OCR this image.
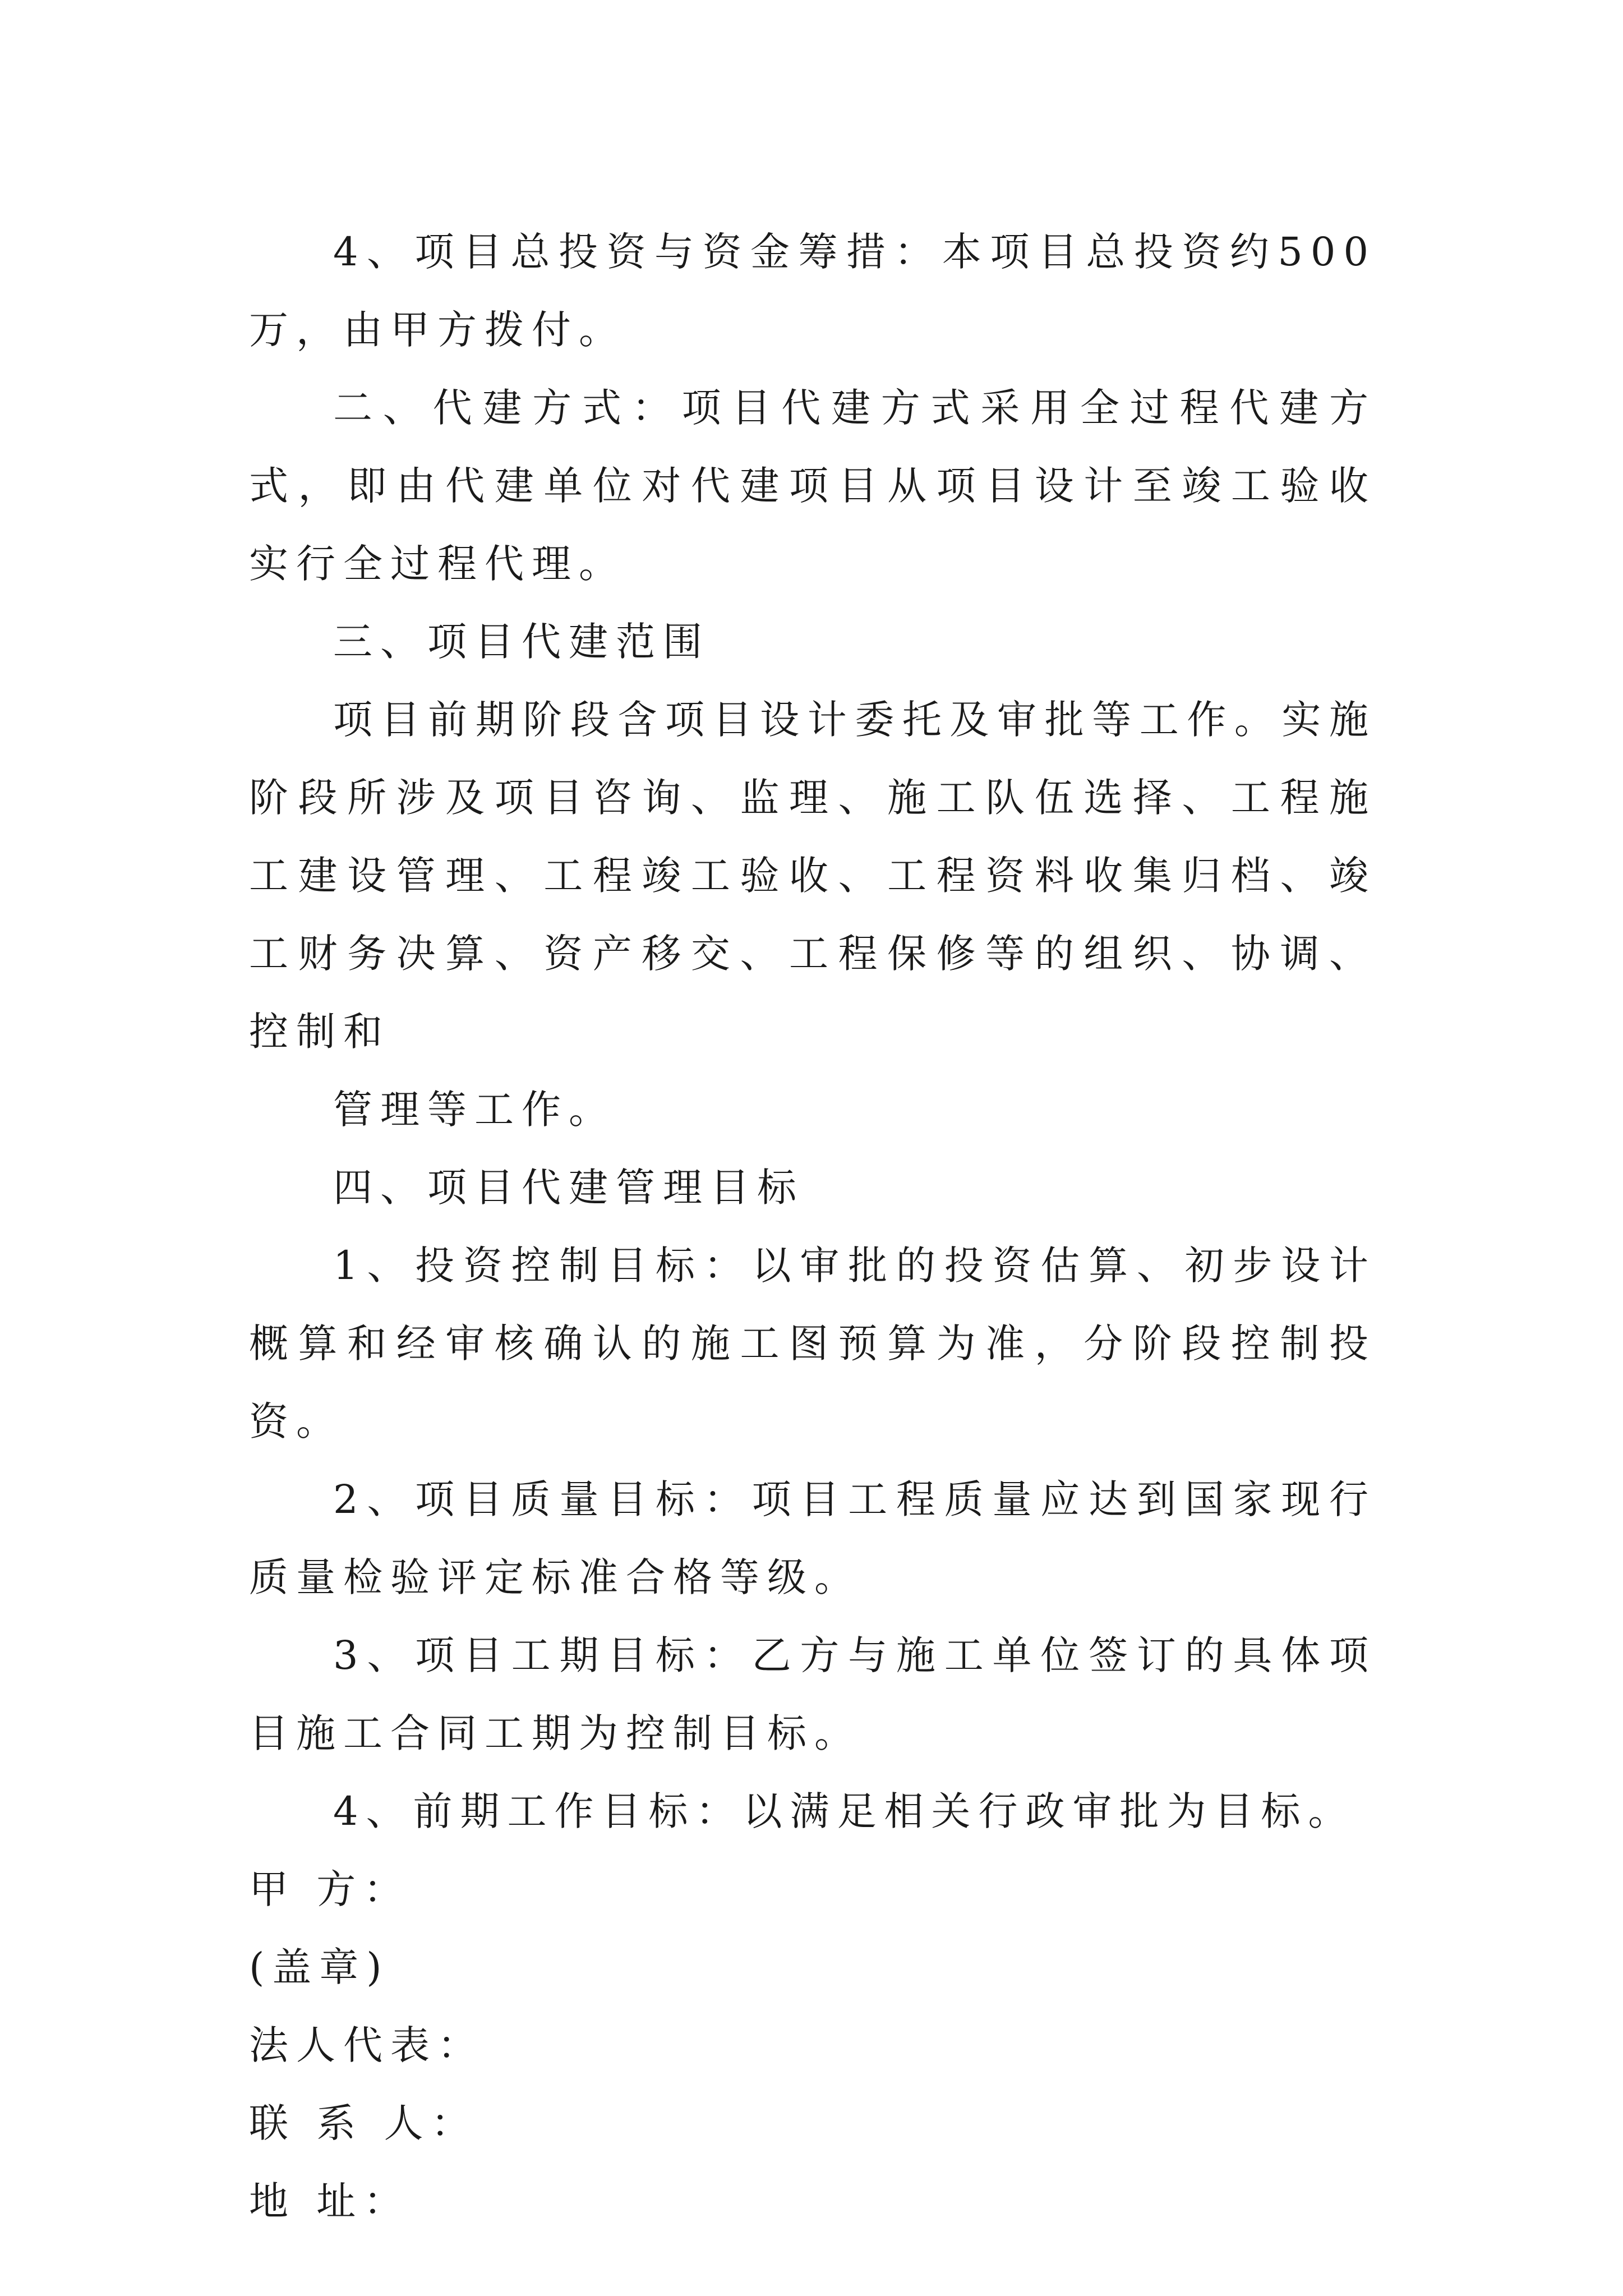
4、项目总投资与资金筹措：本项目总投资约500万，由甲方拨付。

二、代建方式：项目代建方式采用全过程代建方式，即由代建单位对代建项目从项目设计至竣工验收实行全过程代理。

三、项目代建范围

项目前期阶段含项目设计委托及审批等工作。实施阶段所涉及项目咨询、监理、施工队伍选择、工程施工建设管理、工程竣工验收、工程资料收集归档、竣工财务决算、资产移交、工程保修等的组织、协调、控制和

管理等工作。

四、项目代建管理目标

1、投资控制目标：以审批的投资估算、初步设计概算和经审核确认的施工图预算为准，分阶段控制投资。

2、项目质量目标：项目工程质量应达到国家现行质量检验评定标准合格等级。

3、项目工期目标：乙方与施工单位签订的具体项目施工合同工期为控制目标。

4、前期工作目标：以满足相关行政审批为目标。

甲 方：

(盖章)

法人代表：

联 系 人：

地 址：
